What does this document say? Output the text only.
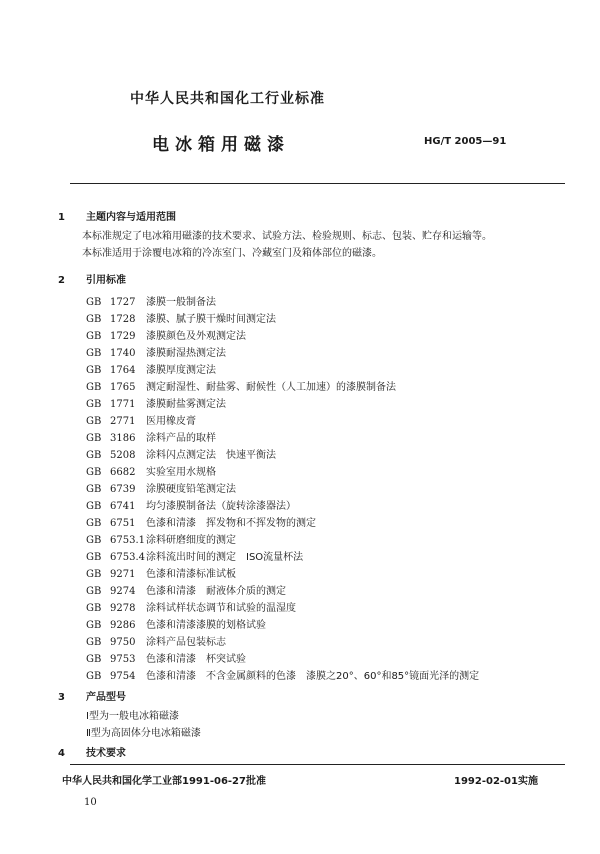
中华人民共和国化工行业标准
电冰箱用磁漆	HG/T 2005—91
1 主题内容与适用范围
本标准规定了电冰箱用磁漆的技术要求、试验方法、检验规则、标志、包装、贮存和运输等。
本标准适用于涂覆电冰箱的冷冻室门、冷藏室门及箱体部位的磁漆。
2 引用标准
GB 1727 漆膜一般制备法
GB 1728 漆膜、腻子膜干燥时间测定法
GB 1729 漆膜颜色及外观测定法
GB 1740 漆膜耐湿热测定法
GB 1764 漆膜厚度测定法
GB 1765 测定耐湿性、耐盐雾、耐候性（人工加速）的漆膜制备法
GB 1771 漆膜耐盐雾测定法
GB 2771 医用橡皮膏
GB 3186 涂料产品的取样
GB 5208 涂料闪点测定法　快速平衡法
GB 6682 实验室用水规格
GB 6739 涂膜硬度铅笔测定法
GB 6741 均匀漆膜制备法（旋转涂漆器法）
GB 6751 色漆和清漆　挥发物和不挥发物的测定
GB 6753.1涂料研磨细度的测定
GB 6753.4涂料流出时间的测定　ISO流量杯法
GB 9271 色漆和清漆标准试板
GB 9274 色漆和清漆　耐液体介质的测定
GB 9278 涂料试样状态调节和试验的温湿度
GB 9286 色漆和清漆漆膜的划格试验
GB 9750 涂料产品包装标志
GB 9753 色漆和清漆　杯突试验
GB 9754 色漆和清漆　不含金属颜料的色漆　漆膜之20°、60°和85°镜面光泽的测定
3 产品型号
Ⅰ型为一般电冰箱磁漆
Ⅱ型为高固体分电冰箱磁漆
4 技术要求
中华人民共和国化学工业部1991-06-27批准	1992-02-01实施
10
